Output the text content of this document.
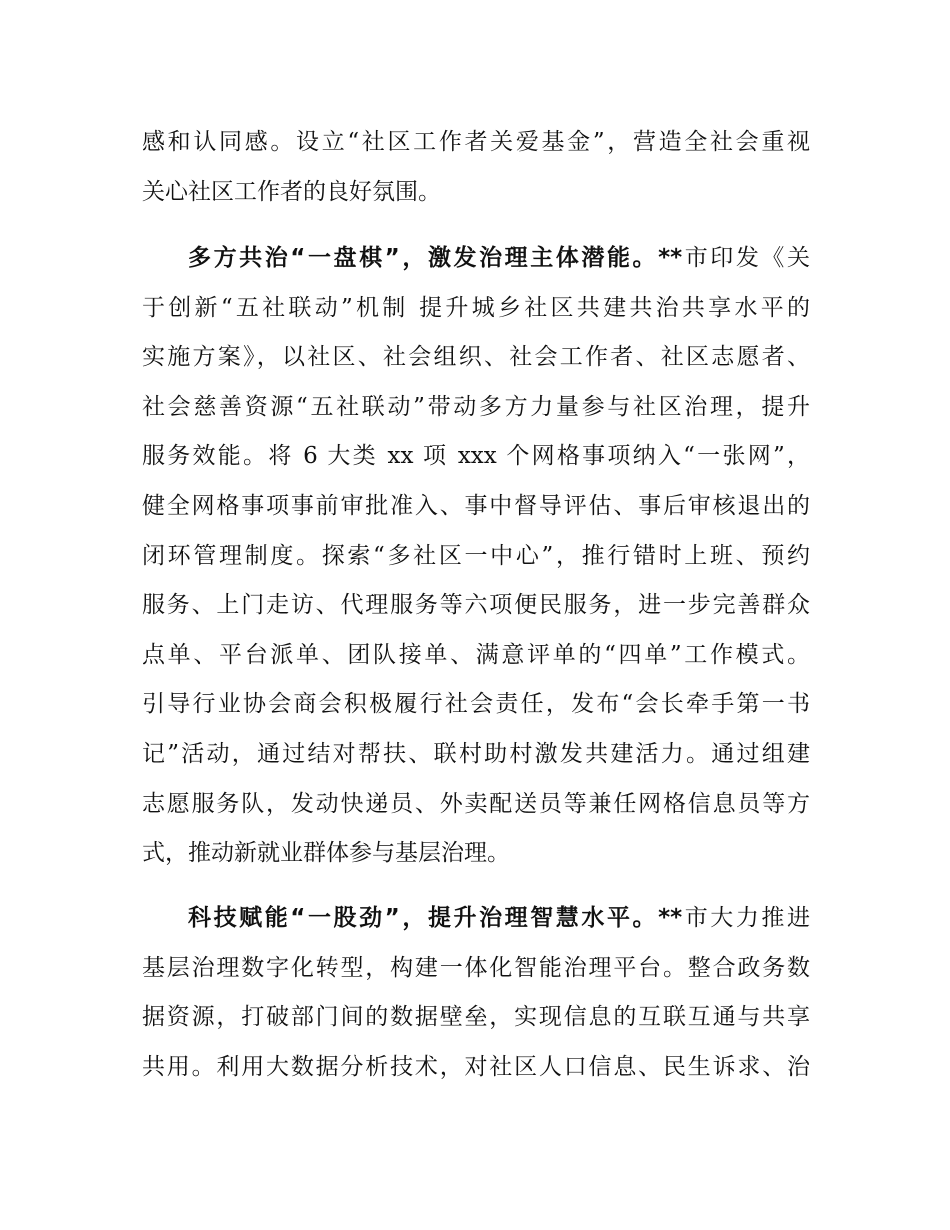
感和认同感。设立“社区工作者关爱基金”，营造全社会重视
关心社区工作者的良好氛围。
多方共治“一盘棋”，激发治理主体潜能。**市印发《关
于创新“五社联动”机制 提升城乡社区共建共治共享水平的
实施方案》，以社区、社会组织、社会工作者、社区志愿者、
社会慈善资源“五社联动”带动多方力量参与社区治理，提升
服务效能。将 6 大类 xx 项 xxx 个网格事项纳入“一张网”，
健全网格事项事前审批准入、事中督导评估、事后审核退出的
闭环管理制度。探索“多社区一中心”，推行错时上班、预约
服务、上门走访、代理服务等六项便民服务，进一步完善群众
点单、平台派单、团队接单、满意评单的“四单”工作模式。
引导行业协会商会积极履行社会责任，发布“会长牵手第一书
记”活动，通过结对帮扶、联村助村激发共建活力。通过组建
志愿服务队，发动快递员、外卖配送员等兼任网格信息员等方
式，推动新就业群体参与基层治理。
科技赋能“一股劲”，提升治理智慧水平。**市大力推进
基层治理数字化转型，构建一体化智能治理平台。整合政务数
据资源，打破部门间的数据壁垒，实现信息的互联互通与共享
共用。利用大数据分析技术，对社区人口信息、民生诉求、治
